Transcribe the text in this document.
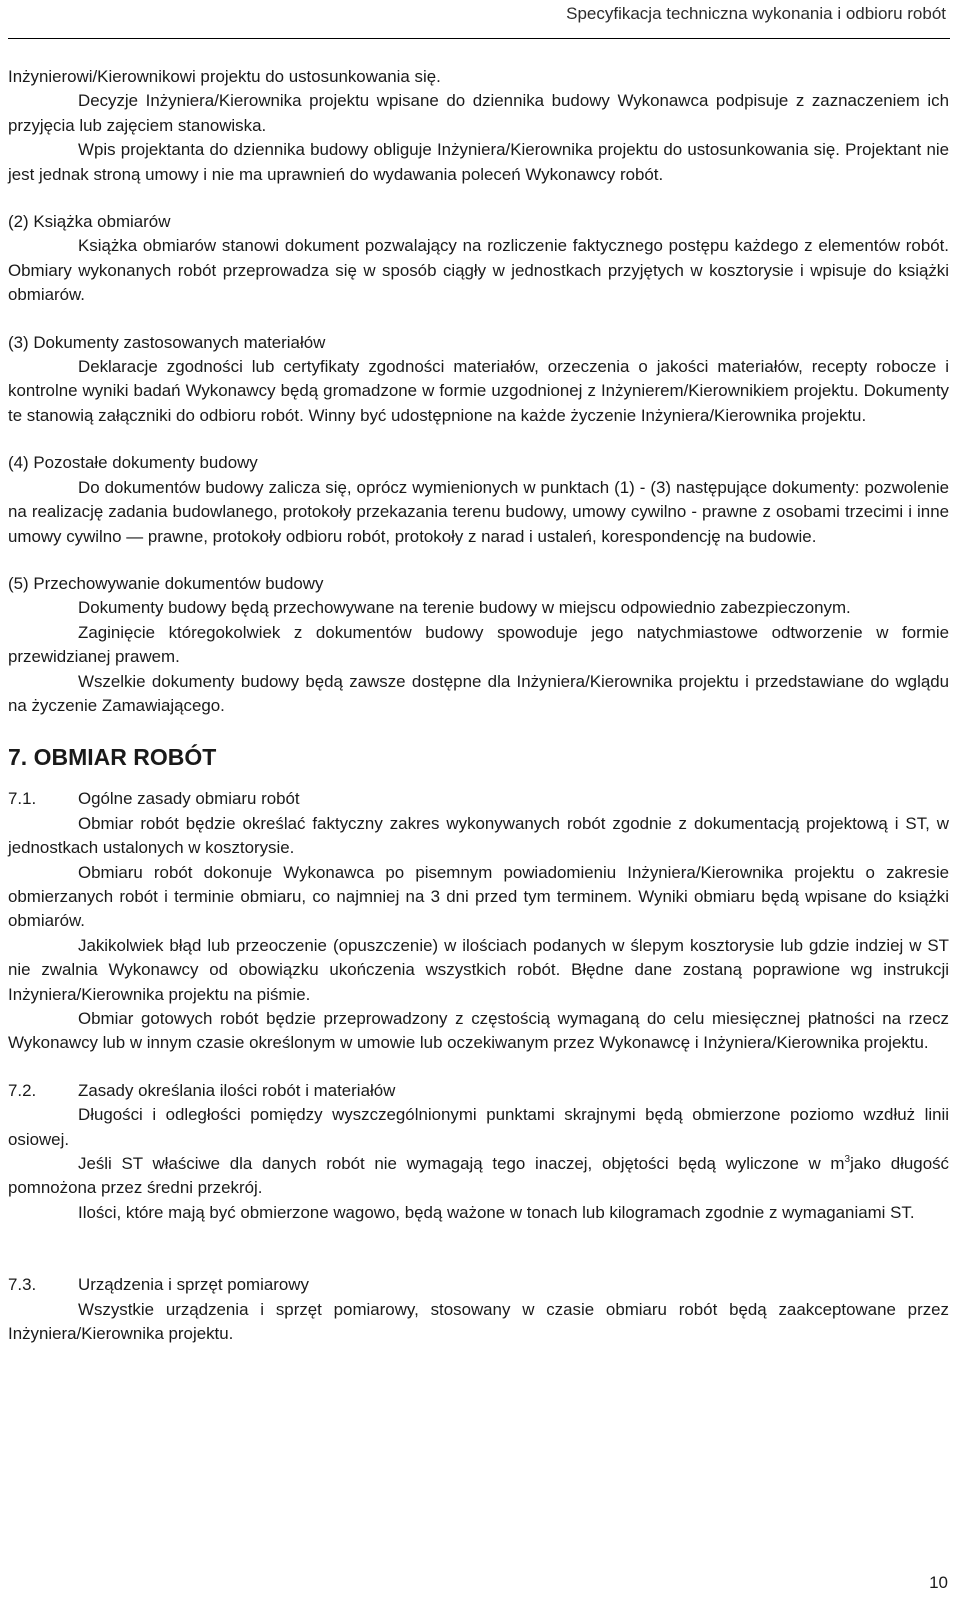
Specyfikacja techniczna wykonania i odbioru robót

Inżynierowi/Kierownikowi projektu do ustosunkowania się.

Decyzje Inżyniera/Kierownika projektu wpisane do dziennika budowy Wykonawca podpisuje z zaznaczeniem ich przyjęcia lub zajęciem stanowiska.

Wpis projektanta do dziennika budowy obliguje Inżyniera/Kierownika projektu do ustosunkowania się. Projektant nie jest jednak stroną umowy i nie ma uprawnień do wydawania poleceń Wykonawcy robót.

(2) Książka obmiarów

Książka obmiarów stanowi dokument pozwalający na rozliczenie faktycznego postępu każdego z elementów robót. Obmiary wykonanych robót przeprowadza się w sposób ciągły w jednostkach przyjętych w kosztorysie i wpisuje do książki obmiarów.

(3) Dokumenty zastosowanych materiałów

Deklaracje zgodności lub certyfikaty zgodności materiałów, orzeczenia o jakości materiałów, recepty robocze i kontrolne wyniki badań Wykonawcy będą gromadzone w formie uzgodnionej z Inżynierem/Kierownikiem projektu. Dokumenty te stanowią załączniki do odbioru robót. Winny być udostępnione na każde życzenie Inżyniera/Kierownika projektu.

(4) Pozostałe dokumenty budowy

Do dokumentów budowy zalicza się, oprócz wymienionych w punktach (1) - (3) następujące dokumenty: pozwolenie na realizację zadania budowlanego, protokoły przekazania terenu budowy, umowy cywilno - prawne z osobami trzecimi i inne umowy cywilno — prawne, protokoły odbioru robót, protokoły z narad i ustaleń, korespondencję na budowie.

(5) Przechowywanie dokumentów budowy

Dokumenty budowy będą przechowywane na terenie budowy w miejscu odpowiednio zabezpieczonym.

Zaginięcie któregokolwiek z dokumentów budowy spowoduje jego natychmiastowe odtworzenie w formie przewidzianej prawem.

Wszelkie dokumenty budowy będą zawsze dostępne dla Inżyniera/Kierownika projektu i przedstawiane do wglądu na życzenie Zamawiającego.

7. OBMIAR ROBÓT
7.1.	Ogólne zasady obmiaru robót

Obmiar robót będzie określać faktyczny zakres wykonywanych robót zgodnie z dokumentacją projektową i ST, w jednostkach ustalonych w kosztorysie.

Obmiaru robót dokonuje Wykonawca po pisemnym powiadomieniu Inżyniera/Kierownika projektu o zakresie obmierzanych robót i terminie obmiaru, co najmniej na 3 dni przed tym terminem. Wyniki obmiaru będą wpisane do książki obmiarów.

Jakikolwiek błąd lub przeoczenie (opuszczenie) w ilościach podanych w ślepym kosztorysie lub gdzie indziej w ST nie zwalnia Wykonawcy od obowiązku ukończenia wszystkich robót. Błędne dane zostaną poprawione wg instrukcji Inżyniera/Kierownika projektu na piśmie.

Obmiar gotowych robót będzie przeprowadzony z częstością wymaganą do celu miesięcznej płatności na rzecz Wykonawcy lub w innym czasie określonym w umowie lub oczekiwanym przez Wykonawcę i Inżyniera/Kierownika projektu.

7.2.	Zasady określania ilości robót i materiałów

Długości i odległości pomiędzy wyszczególnionymi punktami skrajnymi będą obmierzone poziomo wzdłuż linii osiowej.

Jeśli ST właściwe dla danych robót nie wymagają tego inaczej, objętości będą wyliczone w $m^3jako$ długość pomnożona przez średni przekrój.

Ilości, które mają być obmierzone wagowo, będą ważone w tonach lub kilogramach zgodnie z wymaganiami ST.

7.3.	Urządzenia i sprzęt pomiarowy

Wszystkie urządzenia i sprzęt pomiarowy, stosowany w czasie obmiaru robót będą zaakceptowane przez Inżyniera/Kierownika projektu.

10
